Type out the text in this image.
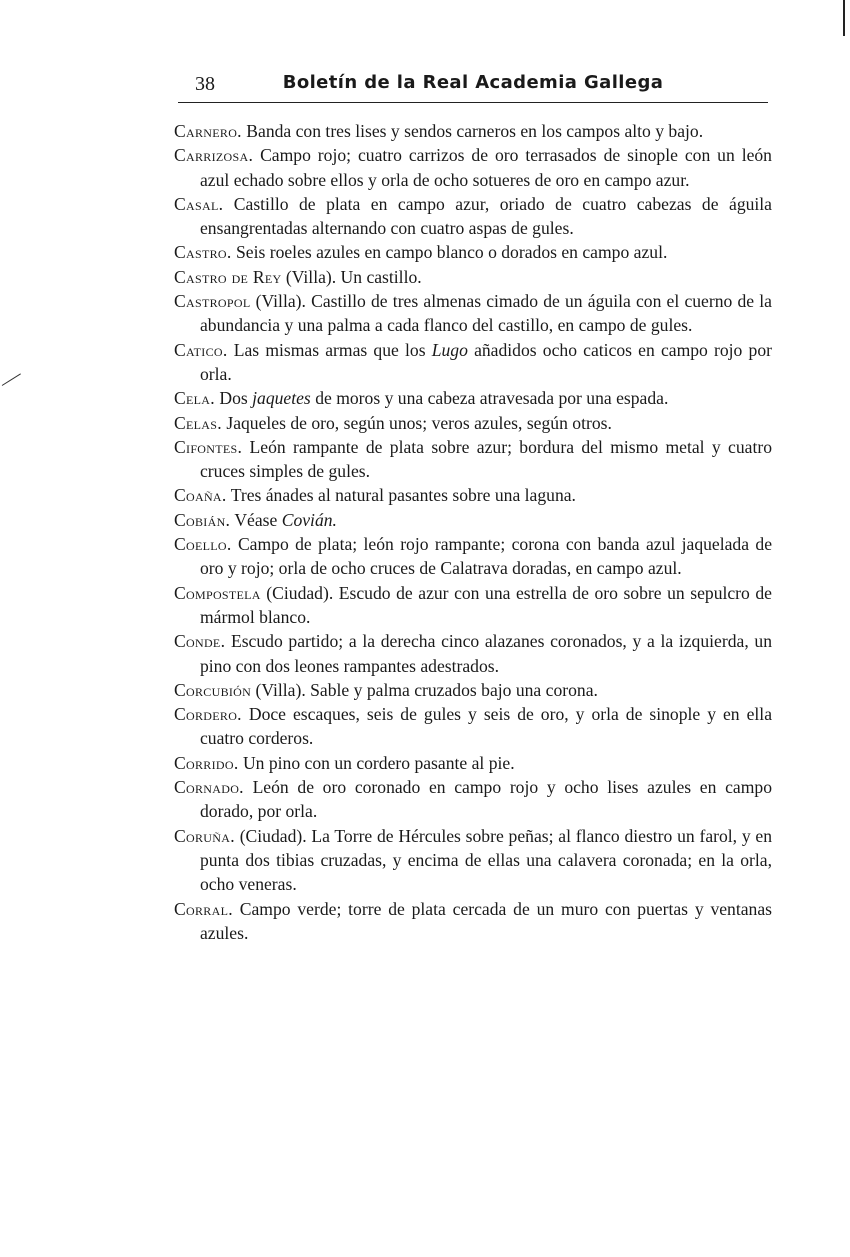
38	Boletín de la Real Academia Gallega

Carnero. Banda con tres lises y sendos carneros en los campos alto y bajo.

Carrizosa. Campo rojo; cuatro carrizos de oro terrasados de sinople con un león azul echado sobre ellos y orla de ocho sotueres de oro en campo azur.

Casal. Castillo de plata en campo azur, oriado de cuatro cabezas de águila ensangrentadas alternando con cuatro aspas de gules.

Castro. Seis roeles azules en campo blanco o dorados en campo azul.

Castro de Rey (Villa). Un castillo.

Castropol (Villa). Castillo de tres almenas cimado de un águila con el cuerno de la abundancia y una palma a cada flanco del castillo, en campo de gules.

Catico. Las mismas armas que los Lugo añadidos ocho caticos en campo rojo por orla.

Cela. Dos jaquetes de moros y una cabeza atravesada por una espada.

Celas. Jaqueles de oro, según unos; veros azules, según otros.

Cifontes. León rampante de plata sobre azur; bordura del mismo metal y cuatro cruces simples de gules.

Coaña. Tres ánades al natural pasantes sobre una laguna.

Cobián. Véase Covián.

Coello. Campo de plata; león rojo rampante; corona con banda azul jaquelada de oro y rojo; orla de ocho cruces de Calatrava doradas, en campo azul.

Compostela (Ciudad). Escudo de azur con una estrella de oro sobre un sepulcro de mármol blanco.

Conde. Escudo partido; a la derecha cinco alazanes coronados, y a la izquierda, un pino con dos leones rampantes adestrados.

Corcubión (Villa). Sable y palma cruzados bajo una corona.

Cordero. Doce escaques, seis de gules y seis de oro, y orla de sinople y en ella cuatro corderos.

Corrido. Un pino con un cordero pasante al pie.

Cornado. León de oro coronado en campo rojo y ocho lises azules en campo dorado, por orla.

Coruña. (Ciudad). La Torre de Hércules sobre peñas; al flanco diestro un farol, y en punta dos tibias cruzadas, y encima de ellas una calavera coronada; en la orla, ocho veneras.

Corral. Campo verde; torre de plata cercada de un muro con puertas y ventanas azules.
